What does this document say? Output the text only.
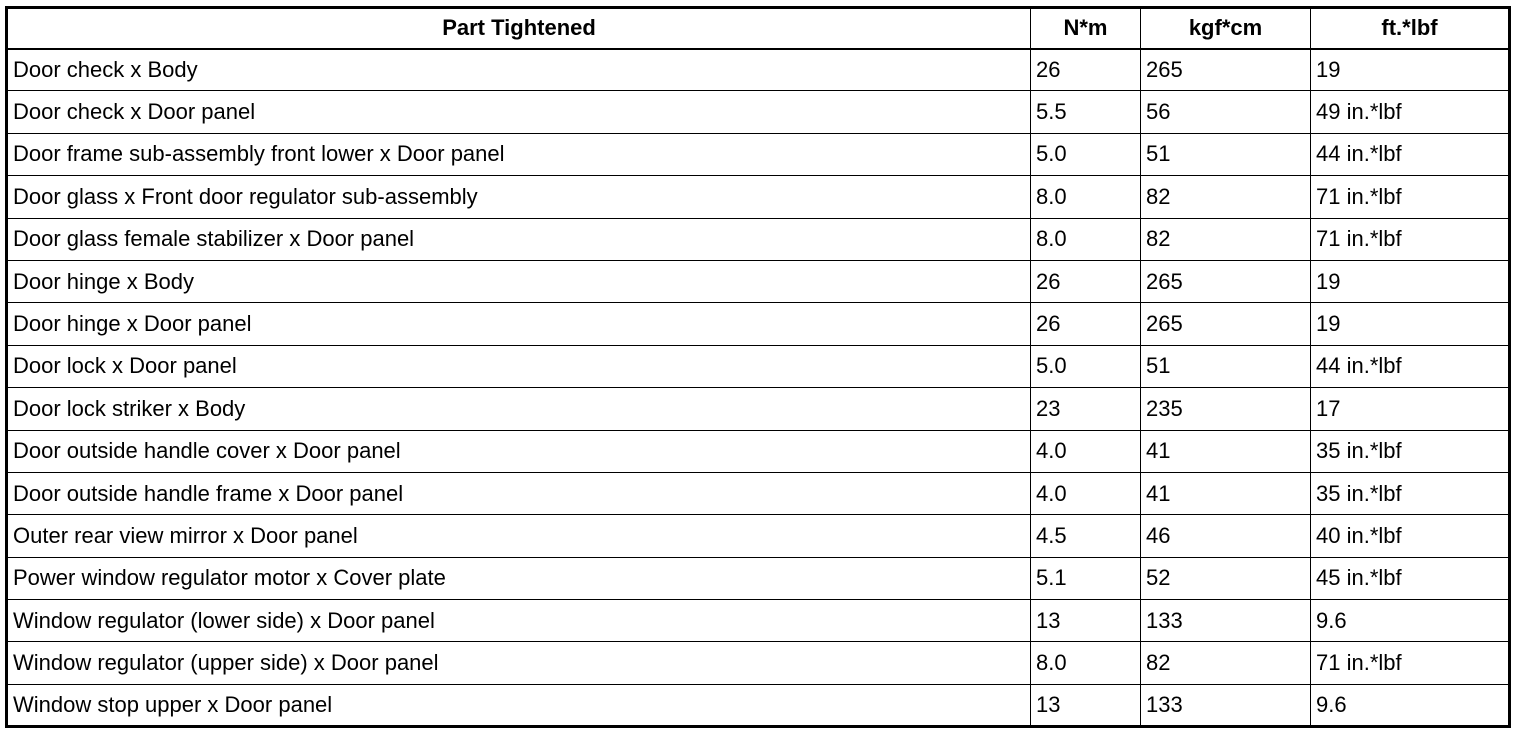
Part Tightened	N*m	kgf*cm	ft.*lbf
Door check x Body	26	265	19
Door check x Door panel	5.5	56	49 in.*lbf
Door frame sub-assembly front lower x Door panel	5.0	51	44 in.*lbf
Door glass x Front door regulator sub-assembly	8.0	82	71 in.*lbf
Door glass female stabilizer x Door panel	8.0	82	71 in.*lbf
Door hinge x Body	26	265	19
Door hinge x Door panel	26	265	19
Door lock x Door panel	5.0	51	44 in.*lbf
Door lock striker x Body	23	235	17
Door outside handle cover x Door panel	4.0	41	35 in.*lbf
Door outside handle frame x Door panel	4.0	41	35 in.*lbf
Outer rear view mirror x Door panel	4.5	46	40 in.*lbf
Power window regulator motor x Cover plate	5.1	52	45 in.*lbf
Window regulator (lower side) x Door panel	13	133	9.6
Window regulator (upper side) x Door panel	8.0	82	71 in.*lbf
Window stop upper x Door panel	13	133	9.6
